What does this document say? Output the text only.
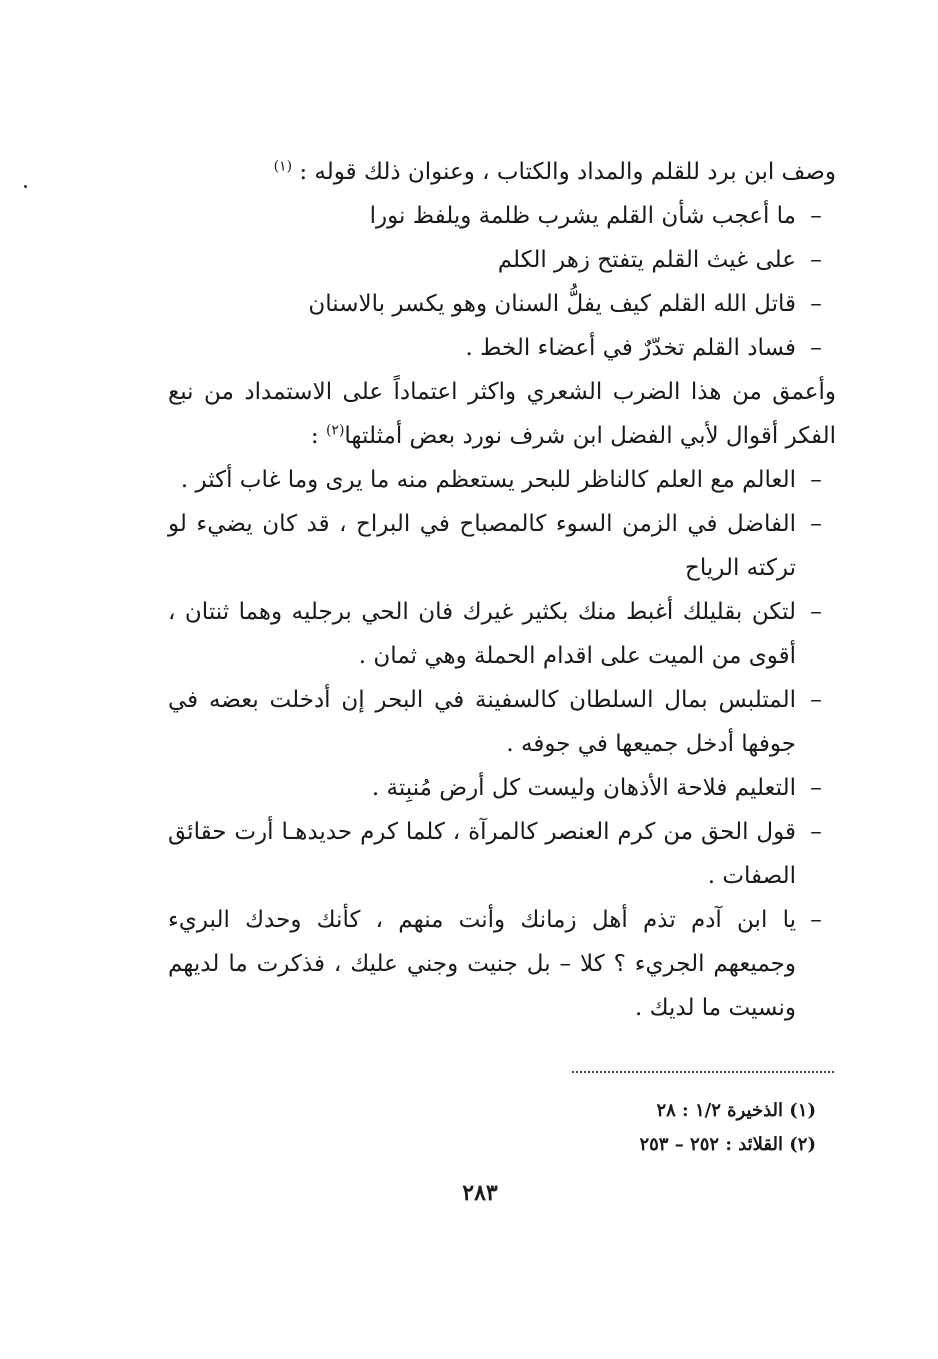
وصف ابن برد للقلم والمداد والكتاب ، وعنوان ذلك قوله : $^{(١)}$

–ما أعجب شأن القلم يشرب ظلمة ويلفظ نورا

–على غيث القلم يتفتح زهر الكلم

–قاتل الله القلم كيف يفلُّ السنان وهو يكسر بالاسنان

–فساد القلم تخدّرٌ في أعضاء الخط .

وأعمق من هذا الضرب الشعري واكثر اعتماداً على الاستمداد من نبع الفكر أقوال لأبي الفضل ابن شرف نورد بعض أمثلتها$^{(٢)}$ :

–العالم مع العلم كالناظر للبحر يستعظم منه ما يرى وما غاب أكثر .

–الفاضل في الزمن السوء كالمصباح في البراح ، قد كان يضيء لو تركته الرياح

–لتكن بقليلك أغبط منك بكثير غيرك فان الحي برجليه وهما ثنتان ، أقوى من الميت على اقدام الحملة وهي ثمان .

–المتلبس بمال السلطان كالسفينة في البحر إن أدخلت بعضه في جوفها أدخل جميعها في جوفه .

–التعليم فلاحة الأذهان وليست كل أرض مُنبِتة .

–قول الحق من كرم العنصر كالمرآة ، كلما كرم حديدهـا أرت حقائق الصفات .

–يا ابن آدم تذم أهل زمانك وأنت منهم ، كأنك وحدك البريء وجميعهم الجريء ؟ كلا – بل جنيت وجني عليك ، فذكرت ما لديهم ونسيت ما لديك .

(١) الذخيرة ١/٢ : ٢٨

(٢) القلائد : ٢٥٢ – ٢٥٣

٢٨٣
